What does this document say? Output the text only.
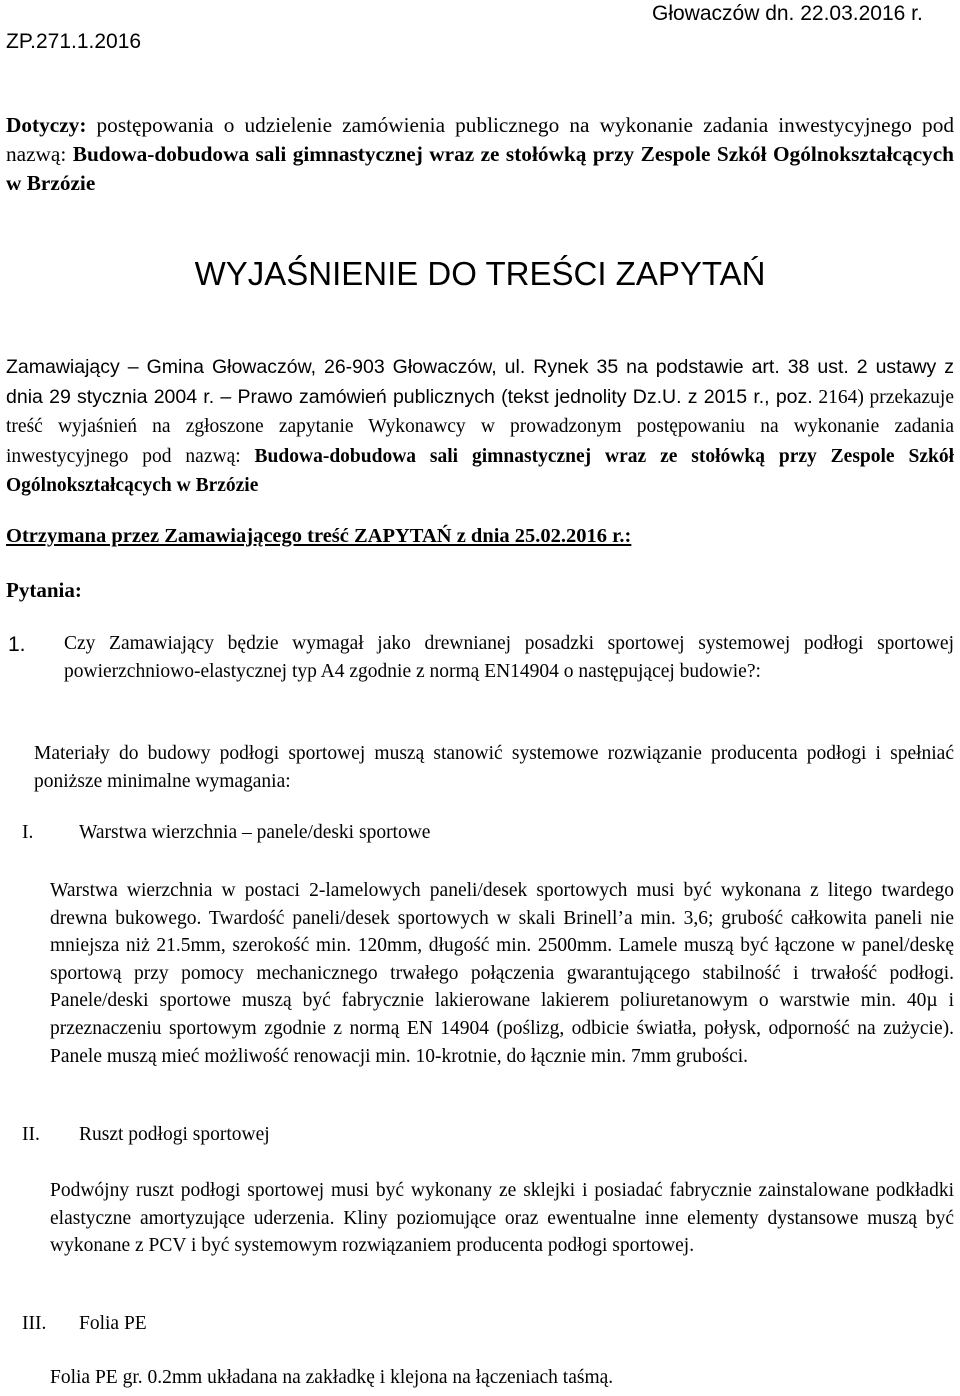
ZP.271.1.2016
Głowaczów dn. 22.03.2016 r.

Dotyczy: postępowania o udzielenie zamówienia publicznego na wykonanie zadania inwestycyjnego pod nazwą: Budowa-dobudowa sali gimnastycznej wraz ze stołówką przy Zespole Szkół Ogólnokształcących w Brzózie

WYJAŚNIENIE DO TREŚCI ZAPYTAŃ

Zamawiający – Gmina Głowaczów, 26-903 Głowaczów, ul. Rynek 35 na podstawie art. 38 ust. 2 ustawy z dnia 29 stycznia 2004 r. – Prawo zamówień publicznych (tekst jednolity Dz.U. z 2015 r., poz. 2164) przekazuje treść wyjaśnień na zgłoszone zapytanie Wykonawcy w prowadzonym postępowaniu na wykonanie zadania inwestycyjnego pod nazwą: Budowa-dobudowa sali gimnastycznej wraz ze stołówką przy Zespole Szkół Ogólnokształcących w Brzózie

Otrzymana przez Zamawiającego treść ZAPYTAŃ z dnia 25.02.2016 r.:
Pytania:
1. Czy Zamawiający będzie wymagał jako drewnianej posadzki sportowej systemowej podłogi sportowej powierzchniowo-elastycznej typ A4 zgodnie z normą EN14904 o następującej budowie?:

Materiały do budowy podłogi sportowej muszą stanowić systemowe rozwiązanie producenta podłogi i spełniać poniższe minimalne wymagania:

I. Warstwa wierzchnia – panele/deski sportowe

Warstwa wierzchnia w postaci 2-lamelowych paneli/desek sportowych musi być wykonana z litego twardego drewna bukowego. Twardość paneli/desek sportowych w skali Brinell’a min. 3,6; grubość całkowita paneli nie mniejsza niż 21.5mm, szerokość min. 120mm, długość min. 2500mm. Lamele muszą być łączone w panel/deskę sportową przy pomocy mechanicznego trwałego połączenia gwarantującego stabilność i trwałość podłogi. Panele/deski sportowe muszą być fabrycznie lakierowane lakierem poliuretanowym o warstwie min. 40µ i przeznaczeniu sportowym zgodnie z normą EN 14904 (poślizg, odbicie światła, połysk, odporność na zużycie). Panele muszą mieć możliwość renowacji min. 10-krotnie, do łącznie min. 7mm grubości.

II. Ruszt podłogi sportowej

Podwójny ruszt podłogi sportowej musi być wykonany ze sklejki i posiadać fabrycznie zainstalowane podkładki elastyczne amortyzujące uderzenia. Kliny poziomujące oraz ewentualne inne elementy dystansowe muszą być wykonane z PCV i być systemowym rozwiązaniem producenta podłogi sportowej.

III. Folia PE
Folia PE gr. 0.2mm układana na zakładkę i klejona na łączeniach taśmą.
